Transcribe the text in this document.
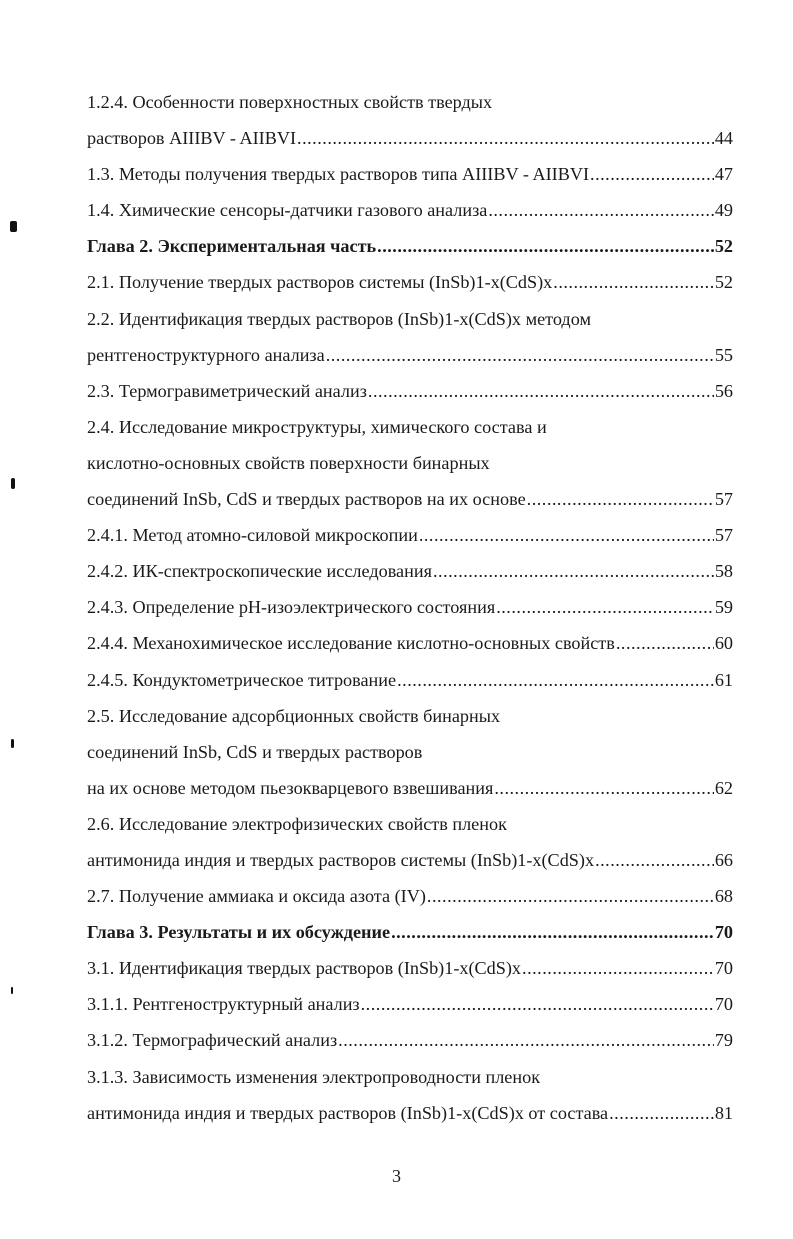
1.2.4. Особенности поверхностных свойств твердых
растворов AIIIBV - AIIBVI .....	44
1.3. Методы получения твердых растворов типа AIIIBV - AIIBVI .....	47
1.4. Химические сенсоры-датчики газового анализа .....	49
Глава 2. Экспериментальная часть .....	52
2.1. Получение твердых растворов системы (InSb)1-x(CdS)x .....	52
2.2. Идентификация твердых растворов (InSb)1-x(CdS)x методом
рентгеноструктурного анализа .....	55
2.3. Термогравиметрический анализ .....	56
2.4. Исследование микроструктуры, химического состава и
кислотно-основных свойств поверхности бинарных
соединений InSb, CdS и твердых растворов на их основе .....	57
2.4.1. Метод атомно-силовой микроскопии .....	57
2.4.2. ИК-спектроскопические исследования .....	58
2.4.3. Определение pH-изоэлектрического состояния .....	59
2.4.4. Механохимическое исследование кислотно-основных свойств .....	60
2.4.5. Кондуктометрическое титрование .....	61
2.5. Исследование адсорбционных свойств бинарных
соединений InSb, CdS и твердых растворов
на их основе методом пьезокварцевого взвешивания .....	62
2.6. Исследование электрофизических свойств пленок
антимонида индия и твердых растворов системы (InSb)1-x(CdS)x .....	66
2.7. Получение аммиака и оксида азота (IV) .....	68
Глава 3. Результаты и их обсуждение .....	70
3.1. Идентификация твердых растворов (InSb)1-x(CdS)x .....	70
3.1.1. Рентгеноструктурный анализ .....	70
3.1.2. Термографический анализ .....	79
3.1.3. Зависимость изменения электропроводности пленок
антимонида индия и твердых растворов (InSb)1-x(CdS)x от состава .....	81
3
